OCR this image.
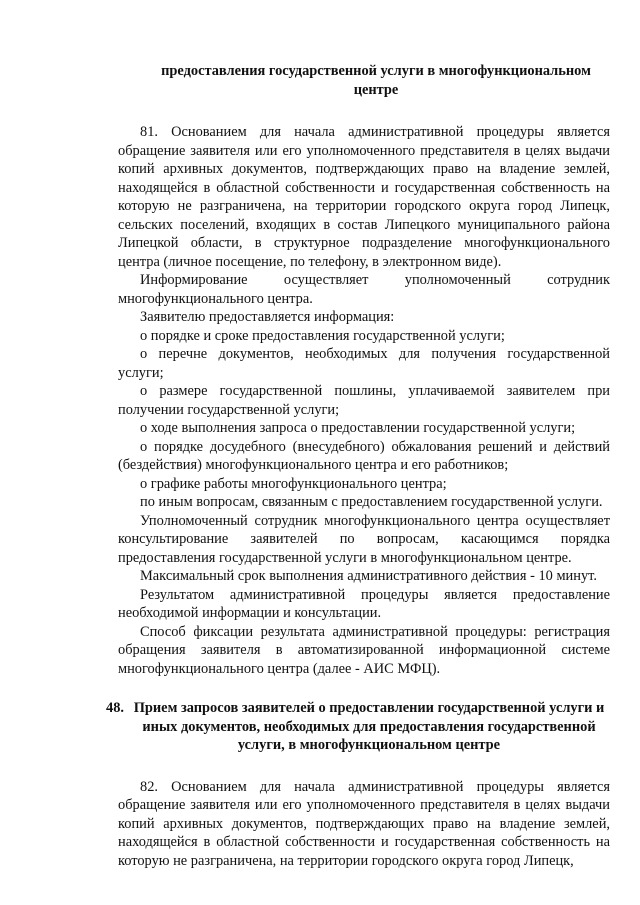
предоставления государственной услуги в многофункциональном центре

81. Основанием для начала административной процедуры является обращение заявителя или его уполномоченного представителя в целях выдачи копий архивных документов, подтверждающих право на владение землей, находящейся в областной собственности и государственная собственность на которую не разграничена, на территории городского округа город Липецк, сельских поселений, входящих в состав Липецкого муниципального района Липецкой области, в структурное подразделение многофункционального центра (личное посещение, по телефону, в электронном виде).

Информирование осуществляет уполномоченный сотрудник многофункционального центра.

Заявителю предоставляется информация:

о порядке и сроке предоставления государственной услуги;

о перечне документов, необходимых для получения государственной услуги;

о размере государственной пошлины, уплачиваемой заявителем при получении государственной услуги;

о ходе выполнения запроса о предоставлении государственной услуги;

о порядке досудебного (внесудебного) обжалования решений и действий (бездействия) многофункционального центра и его работников;

о графике работы многофункционального центра;

по иным вопросам, связанным с предоставлением государственной услуги.

Уполномоченный сотрудник многофункционального центра осуществляет консультирование заявителей по вопросам, касающимся порядка предоставления государственной услуги в многофункциональном центре.

Максимальный срок выполнения административного действия - 10 минут.

Результатом административной процедуры является предоставление необходимой информации и консультации.

Способ фиксации результата административной процедуры: регистрация обращения заявителя в автоматизированной информационной системе многофункционального центра (далее - АИС МФЦ).

48. Прием запросов заявителей о предоставлении государственной услуги и иных документов, необходимых для предоставления государственной услуги, в многофункциональном центре

82. Основанием для начала административной процедуры является обращение заявителя или его уполномоченного представителя в целях выдачи копий архивных документов, подтверждающих право на владение землей, находящейся в областной собственности и государственная собственность на которую не разграничена, на территории городского округа город Липецк,
